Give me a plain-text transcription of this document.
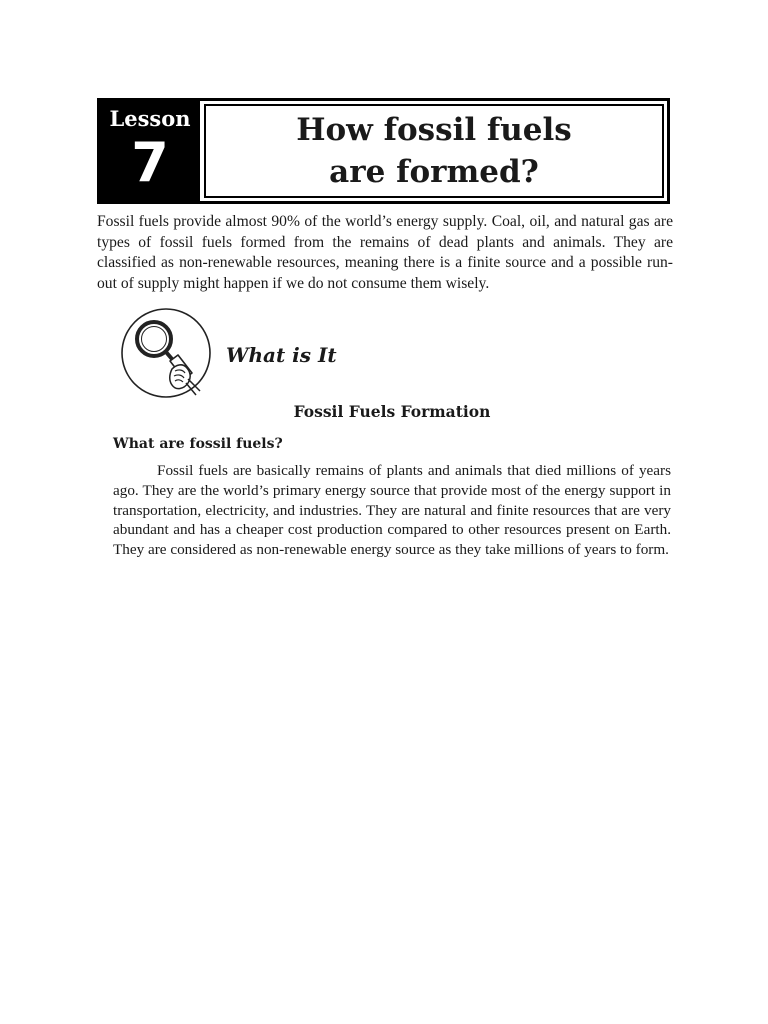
Lesson
7
How fossil fuels are formed?

Fossil fuels provide almost 90% of the world’s energy supply. Coal, oil, and natural gas are types of fossil fuels formed from the remains of dead plants and animals. They are classified as non-renewable resources, meaning there is a finite source and a possible run-out of supply might happen if we do not consume them wisely.

What is It
Fossil Fuels Formation
What are fossil fuels?

Fossil fuels are basically remains of plants and animals that died millions of years ago. They are the world’s primary energy source that provide most of the energy support in transportation, electricity, and industries. They are natural and finite resources that are very abundant and has a cheaper cost production compared to other resources present on Earth. They are considered as non-renewable energy source as they take millions of years to form.
